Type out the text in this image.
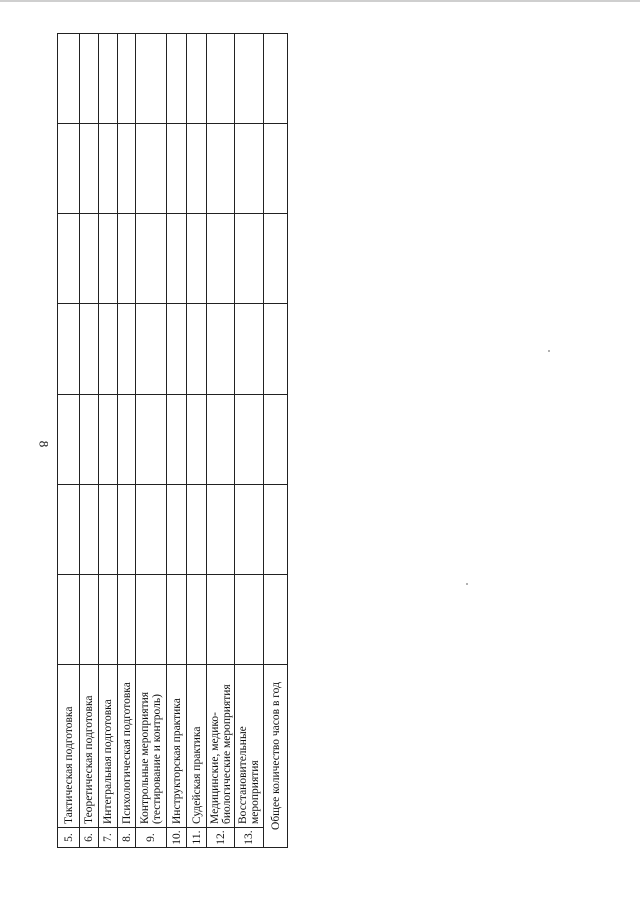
8
5.	Тактическая подготовка							
6.	Теоретическая подготовка							
7.	Интегральная подготовка							
8.	Психологическая подготовка							
9.	Контрольные мероприятия (тестирование и контроль)							
10.	Инструкторская практика							
11.	Судейская практика							
12.	Медицинские, медико-биологические мероприятия							
13.	Восстановительные мероприятия							
Общее количество часов в год								
